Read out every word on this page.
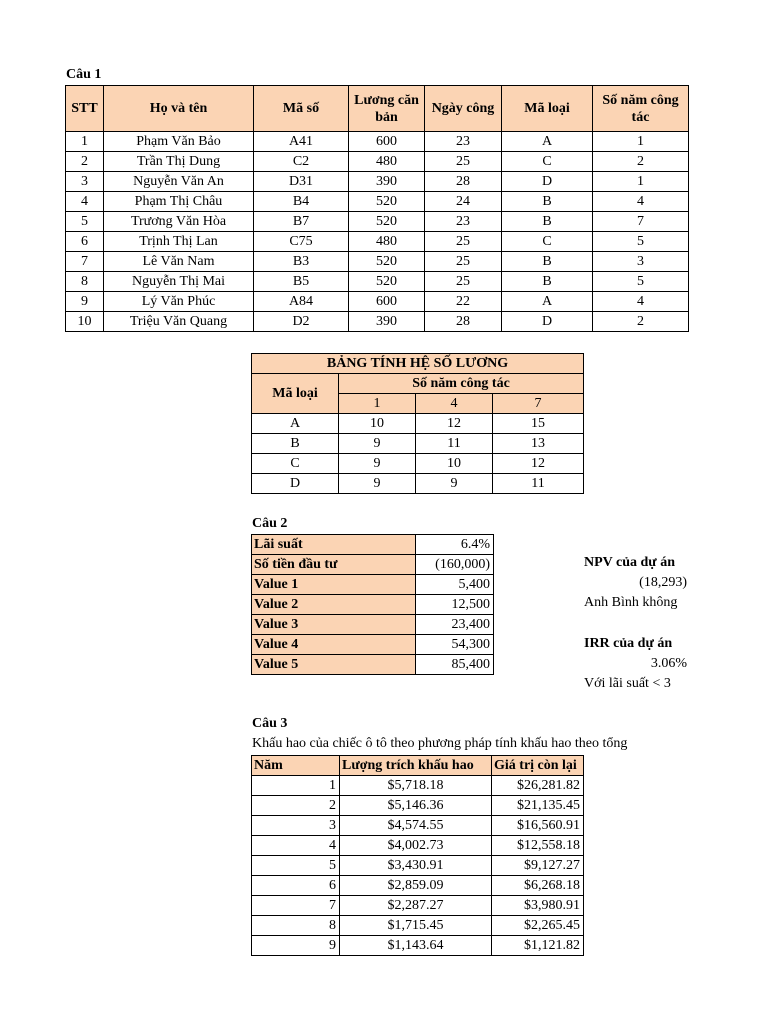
Câu 1
STT	Họ và tên	Mã số	Lương căn bản	Ngày công	Mã loại	Số năm công tác
1	Phạm Văn Bảo	A41	600	23	A	1
2	Trần Thị Dung	C2	480	25	C	2
3	Nguyễn Văn An	D31	390	28	D	1
4	Phạm Thị Châu	B4	520	24	B	4
5	Trương Văn Hòa	B7	520	23	B	7
6	Trịnh Thị Lan	C75	480	25	C	5
7	Lê Văn Nam	B3	520	25	B	3
8	Nguyễn Thị Mai	B5	520	25	B	5
9	Lý Văn Phúc	A84	600	22	A	4
10	Triệu Văn Quang	D2	390	28	D	2
BẢNG TÍNH HỆ SỐ LƯƠNG			
Mã loại	Số năm công tác		
	1	4	7
A	10	12	15
B	9	11	13
C	9	10	12
D	9	9	11
Câu 2
Lãi suất	6.4%
Số tiền đầu tư	(160,000)
Value 1	5,400
Value 2	12,500
Value 3	23,400
Value 4	54,300
Value 5	85,400
NPV của dự án
(18,293)
Anh Bình không
IRR của dự án
3.06%
Với lãi suất < 3
Câu 3
Khấu hao của chiếc ô tô theo phương pháp tính khấu hao theo tổng
Năm	Lượng trích khấu hao	Giá trị còn lại
1	$5,718.18	$26,281.82
2	$5,146.36	$21,135.45
3	$4,574.55	$16,560.91
4	$4,002.73	$12,558.18
5	$3,430.91	$9,127.27
6	$2,859.09	$6,268.18
7	$2,287.27	$3,980.91
8	$1,715.45	$2,265.45
9	$1,143.64	$1,121.82
